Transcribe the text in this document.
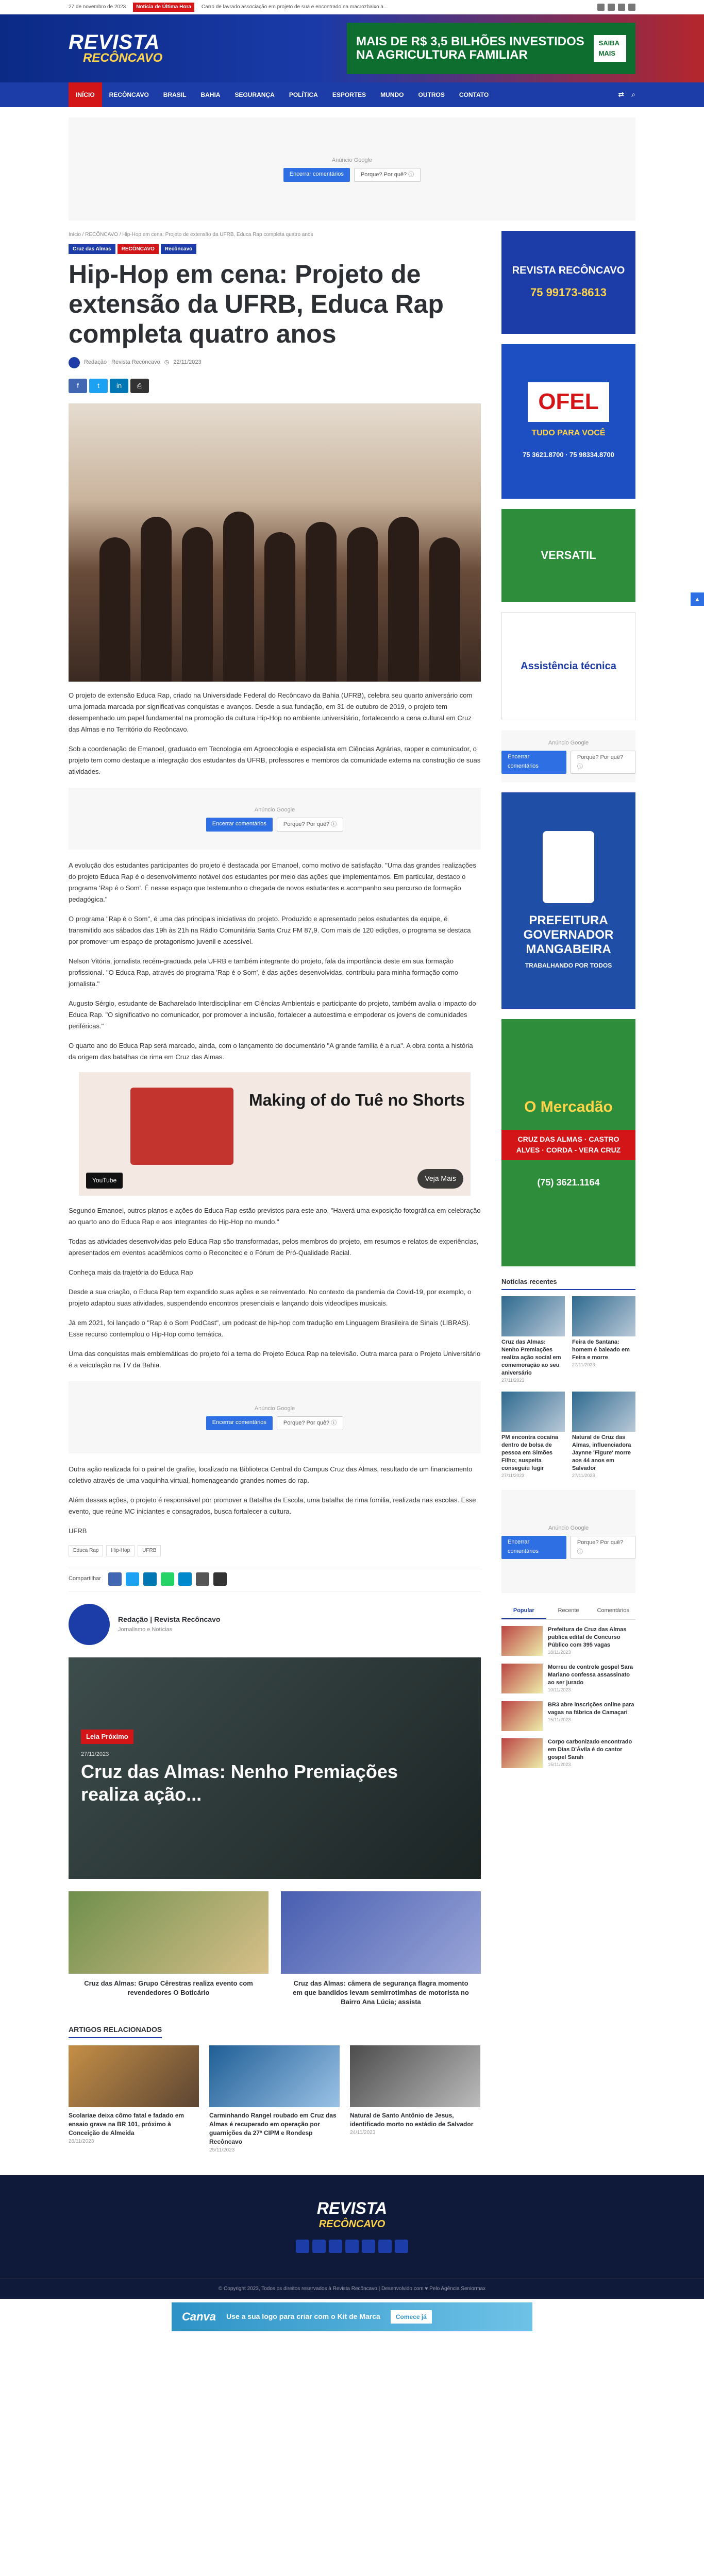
27 de novembro de 2023	Notícia de Última Hora	Carro de lavrado associação em projeto de sua e encontrado na macrozbaixo a...
REVISTA
RECÔNCAVO
MAIS DE R$ 3,5 BILHÕES INVESTIDOS NA AGRICULTURA FAMILIAR
SAIBA MAIS
INÍCIO	RECÔNCAVO	BRASIL	BAHIA	SEGURANÇA	POLÍTICA	ESPORTES	MUNDO	OUTROS	CONTATO	⇄ ⌕
Anúncio Google
Encerrar comentários	Porque? Por quê? ⓘ
Início / RECÔNCAVO / Hip-Hop em cena: Projeto de extensão da UFRB, Educa Rap completa quatro anos
Cruz das Almas	RECÔNCAVO	Recôncavo
Hip-Hop em cena: Projeto de extensão da UFRB, Educa Rap completa quatro anos
Redação | Revista Recôncavo ◷ 22/11/2023
f	t	in	⎙

O projeto de extensão Educa Rap, criado na Universidade Federal do Recôncavo da Bahia (UFRB), celebra seu quarto aniversário com uma jornada marcada por significativas conquistas e avanços. Desde a sua fundação, em 31 de outubro de 2019, o projeto tem desempenhado um papel fundamental na promoção da cultura Hip-Hop no ambiente universitário, fortalecendo a cena cultural em Cruz das Almas e no Território do Recôncavo.

Sob a coordenação de Emanoel, graduado em Tecnologia em Agroecologia e especialista em Ciências Agrárias, rapper e comunicador, o projeto tem como destaque a integração dos estudantes da UFRB, professores e membros da comunidade externa na construção de suas atividades.

Anúncio Google
Encerrar comentários	Porque? Por quê? ⓘ

A evolução dos estudantes participantes do projeto é destacada por Emanoel, como motivo de satisfação. "Uma das grandes realizações do projeto Educa Rap é o desenvolvimento notável dos estudantes por meio das ações que implementamos. Em particular, destaco o programa 'Rap é o Som'. É nesse espaço que testemunho o chegada de novos estudantes e acompanho seu percurso de formação pedagógica."

O programa "Rap é o Som", é uma das principais iniciativas do projeto. Produzido e apresentado pelos estudantes da equipe, é transmitido aos sábados das 19h às 21h na Rádio Comunitária Santa Cruz FM 87,9. Com mais de 120 edições, o programa se destaca por promover um espaço de protagonismo juvenil e acessível.

Nelson Vitória, jornalista recém-graduada pela UFRB e também integrante do projeto, fala da importância deste em sua formação profissional. "O Educa Rap, através do programa 'Rap é o Som', é das ações desenvolvidas, contribuiu para minha formação como jornalista."

Augusto Sérgio, estudante de Bacharelado Interdisciplinar em Ciências Ambientais e participante do projeto, também avalia o impacto do Educa Rap. "O significativo no comunicador, por promover a inclusão, fortalecer a autoestima e empoderar os jovens de comunidades periféricas."

O quarto ano do Educa Rap será marcado, ainda, com o lançamento do documentário "A grande família é a rua". A obra conta a história da origem das batalhas de rima em Cruz das Almas.

Making of do Tuê no Shorts
YouTube	Veja Mais

Segundo Emanoel, outros planos e ações do Educa Rap estão previstos para este ano. "Haverá uma exposição fotográfica em celebração ao quarto ano do Educa Rap e aos integrantes do Hip-Hop no mundo."

Todas as atividades desenvolvidas pelo Educa Rap são transformadas, pelos membros do projeto, em resumos e relatos de experiências, apresentados em eventos acadêmicos como o Reconcitec e o Fórum de Pró-Qualidade Racial.

Conheça mais da trajetória do Educa Rap

Desde a sua criação, o Educa Rap tem expandido suas ações e se reinventado. No contexto da pandemia da Covid-19, por exemplo, o projeto adaptou suas atividades, suspendendo encontros presenciais e lançando dois videoclipes musicais.

Já em 2021, foi lançado o "Rap é o Som PodCast", um podcast de hip-hop com tradução em Linguagem Brasileira de Sinais (LIBRAS). Esse recurso contemplou o Hip-Hop como temática.

Uma das conquistas mais emblemáticas do projeto foi a tema do Projeto Educa Rap na televisão. Outra marca para o Projeto Universitário é a veiculação na TV da Bahia.

Anúncio Google
Encerrar comentários	Porque? Por quê? ⓘ

Outra ação realizada foi o painel de grafite, localizado na Biblioteca Central do Campus Cruz das Almas, resultado de um financiamento coletivo através de uma vaquinha virtual, homenageando grandes nomes do rap.

Além dessas ações, o projeto é responsável por promover a Batalha da Escola, uma batalha de rima fomilia, realizada nas escolas. Esse evento, que reúne MC iniciantes e consagrados, busca fortalecer a cultura.

UFRB

Educa Rap	Hip-Hop	UFRB
Compartilhar
Redação | Revista Recôncavo
Jornalismo e Notícias
Leia Próximo
27/11/2023
Cruz das Almas: Nenho Premiações realiza ação...
Cruz das Almas: Grupo Cêrestras realiza evento com revendedores O Boticário
Cruz das Almas: câmera de segurança flagra momento em que bandidos levam semirrotimhas de motorista no Bairro Ana Lúcia; assista
ARTIGOS RELACIONADOS
Scolariae deixa cômo fatal e fadado em ensaio grave na BR 101, próximo à Conceição de Almeida
26/11/2023
Carminhando Rangel roubado em Cruz das Almas é recuperado em operação por guarnições da 27ª CIPM e Rondesp Recôncavo
25/11/2023
Natural de Santo Antônio de Jesus, identificado morto no estádio de Salvador
24/11/2023
REVISTA RECÔNCAVO
75 99173-8613
OFEL
TUDO PARA VOCÊ
75 3621.8700 · 75 98334.8700
VERSATIL
Assistência técnica
Anúncio Google
Encerrar comentários
Porque? Por quê? ⓘ
PREFEITURA GOVERNADOR MANGABEIRA
TRABALHANDO POR TODOS
O Mercadão
CRUZ DAS ALMAS · CASTRO ALVES · CORDA - VERA CRUZ
(75) 3621.1164
Notícias recentes
Cruz das Almas: Nenho Premiações realiza ação social em comemoração ao seu aniversário
27/11/2023
Feira de Santana: homem é baleado em Feira e morre
27/11/2023
PM encontra cocaína dentro de bolsa de pessoa em Simões Filho; suspeita conseguiu fugir
27/11/2023
Natural de Cruz das Almas, influenciadora Jaynne 'Figure' morre aos 44 anos em Salvador
27/11/2023
Anúncio Google
Encerrar comentários
Porque? Por quê? ⓘ
Popular	Recente	Comentários
Prefeitura de Cruz das Almas publica edital de Concurso Público com 395 vagas
18/11/2023
Morreu de controle gospel Sara Mariano confessa assassinato ao ser jurado
10/11/2023
BR3 abre inscrições online para vagas na fábrica de Camaçari
15/11/2023
Corpo carbonizado encontrado em Dias D'Ávila é do cantor gospel Sarah
15/11/2023
▲
REVISTA
RECÔNCAVO
© Copyright 2023, Todos os direitos reservados à Revista Recôncavo | Desenvolvido com ♥ Pelo Agência Seniormax
Canva Use a sua logo para criar com o Kit de Marca	Comece já
